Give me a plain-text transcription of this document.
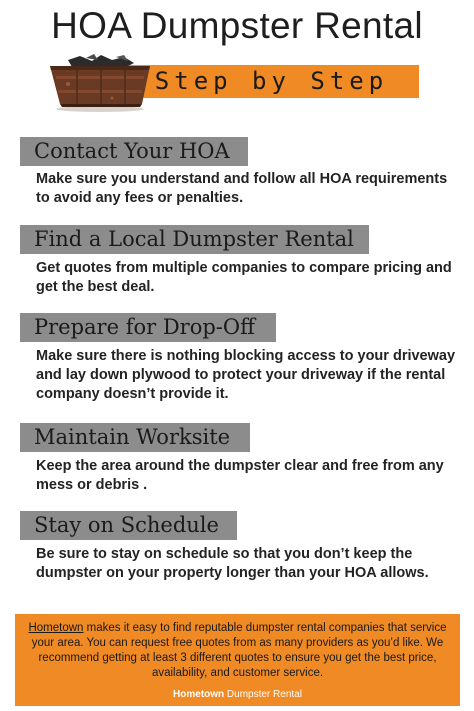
HOA Dumpster Rental
Step by Step
Contact Your HOA
Make sure you understand and follow all HOA requirements to avoid any fees or penalties.
Find a Local Dumpster Rental
Get quotes from multiple companies to compare pricing and get the best deal.
Prepare for Drop-Off
Make sure there is nothing blocking access to your driveway and lay down plywood to protect your driveway if the rental company doesn’t provide it.
Maintain Worksite
Keep the area around the dumpster clear and free from any mess or debris .
Stay on Schedule
Be sure to stay on schedule so that you don’t keep the dumpster on your property longer than your HOA allows.
Hometown makes it easy to find reputable dumpster rental companies that service your area. You can request free quotes from as many providers as you’d like. We recommend getting at least 3 different quotes to ensure you get the best price, availability, and customer service.
Hometown Dumpster Rental
